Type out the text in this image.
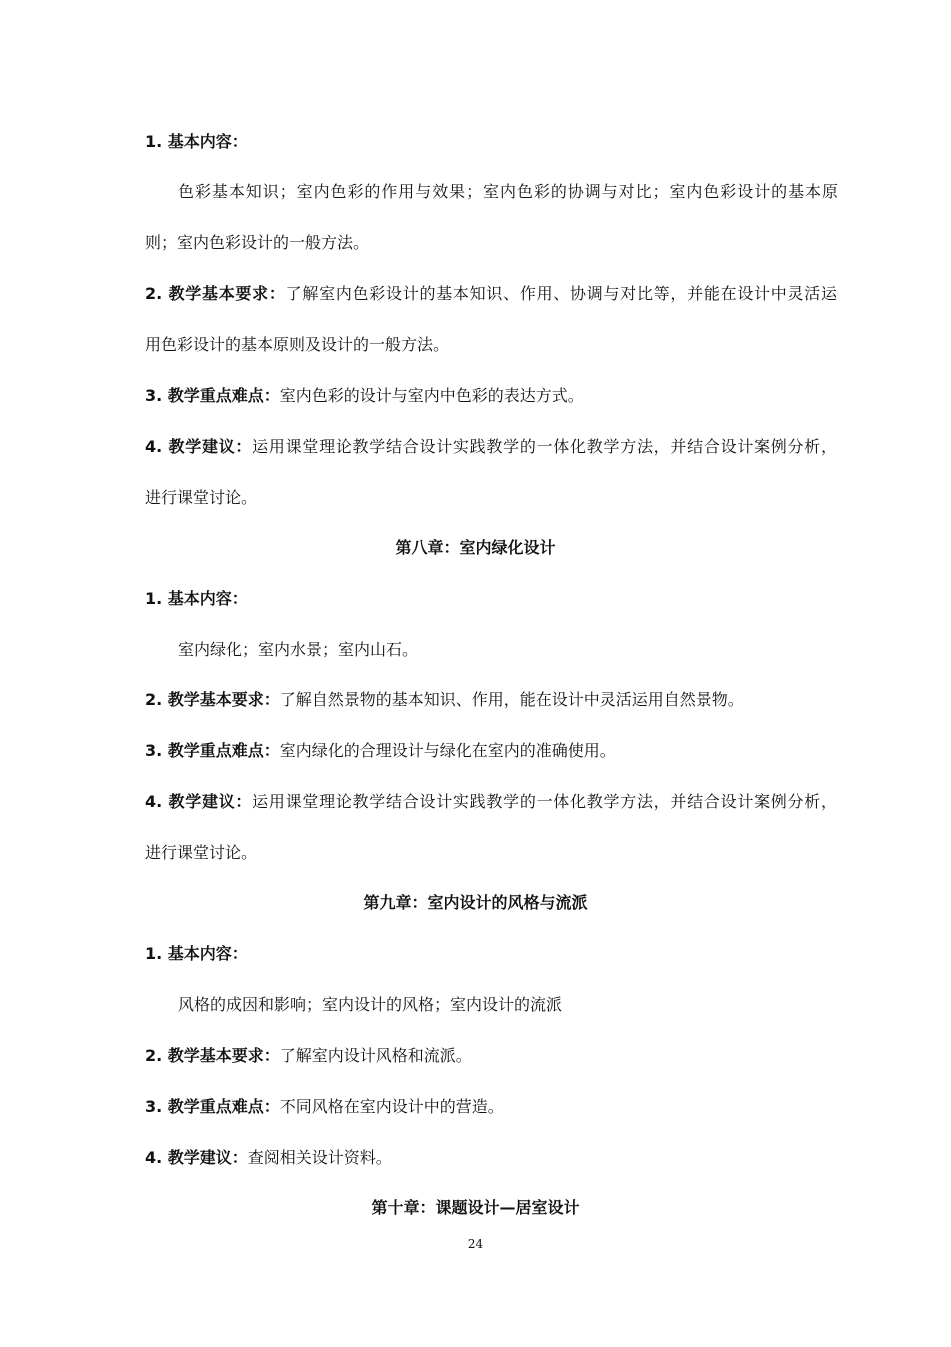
1. 基本内容：
色彩基本知识；室内色彩的作用与效果；室内色彩的协调与对比；室内色彩设计的基本原
则；室内色彩设计的一般方法。
2. 教学基本要求：了解室内色彩设计的基本知识、作用、协调与对比等，并能在设计中灵活运
用色彩设计的基本原则及设计的一般方法。
3. 教学重点难点：室内色彩的设计与室内中色彩的表达方式。
4. 教学建议：运用课堂理论教学结合设计实践教学的一体化教学方法，并结合设计案例分析，
进行课堂讨论。
第八章：室内绿化设计
1. 基本内容：
室内绿化；室内水景；室内山石。
2. 教学基本要求：了解自然景物的基本知识、作用，能在设计中灵活运用自然景物。
3. 教学重点难点：室内绿化的合理设计与绿化在室内的准确使用。
4. 教学建议：运用课堂理论教学结合设计实践教学的一体化教学方法，并结合设计案例分析，
进行课堂讨论。
第九章：室内设计的风格与流派
1. 基本内容：
风格的成因和影响；室内设计的风格；室内设计的流派
2. 教学基本要求：了解室内设计风格和流派。
3. 教学重点难点：不同风格在室内设计中的营造。
4. 教学建议：查阅相关设计资料。
第十章：课题设计—居室设计
24
